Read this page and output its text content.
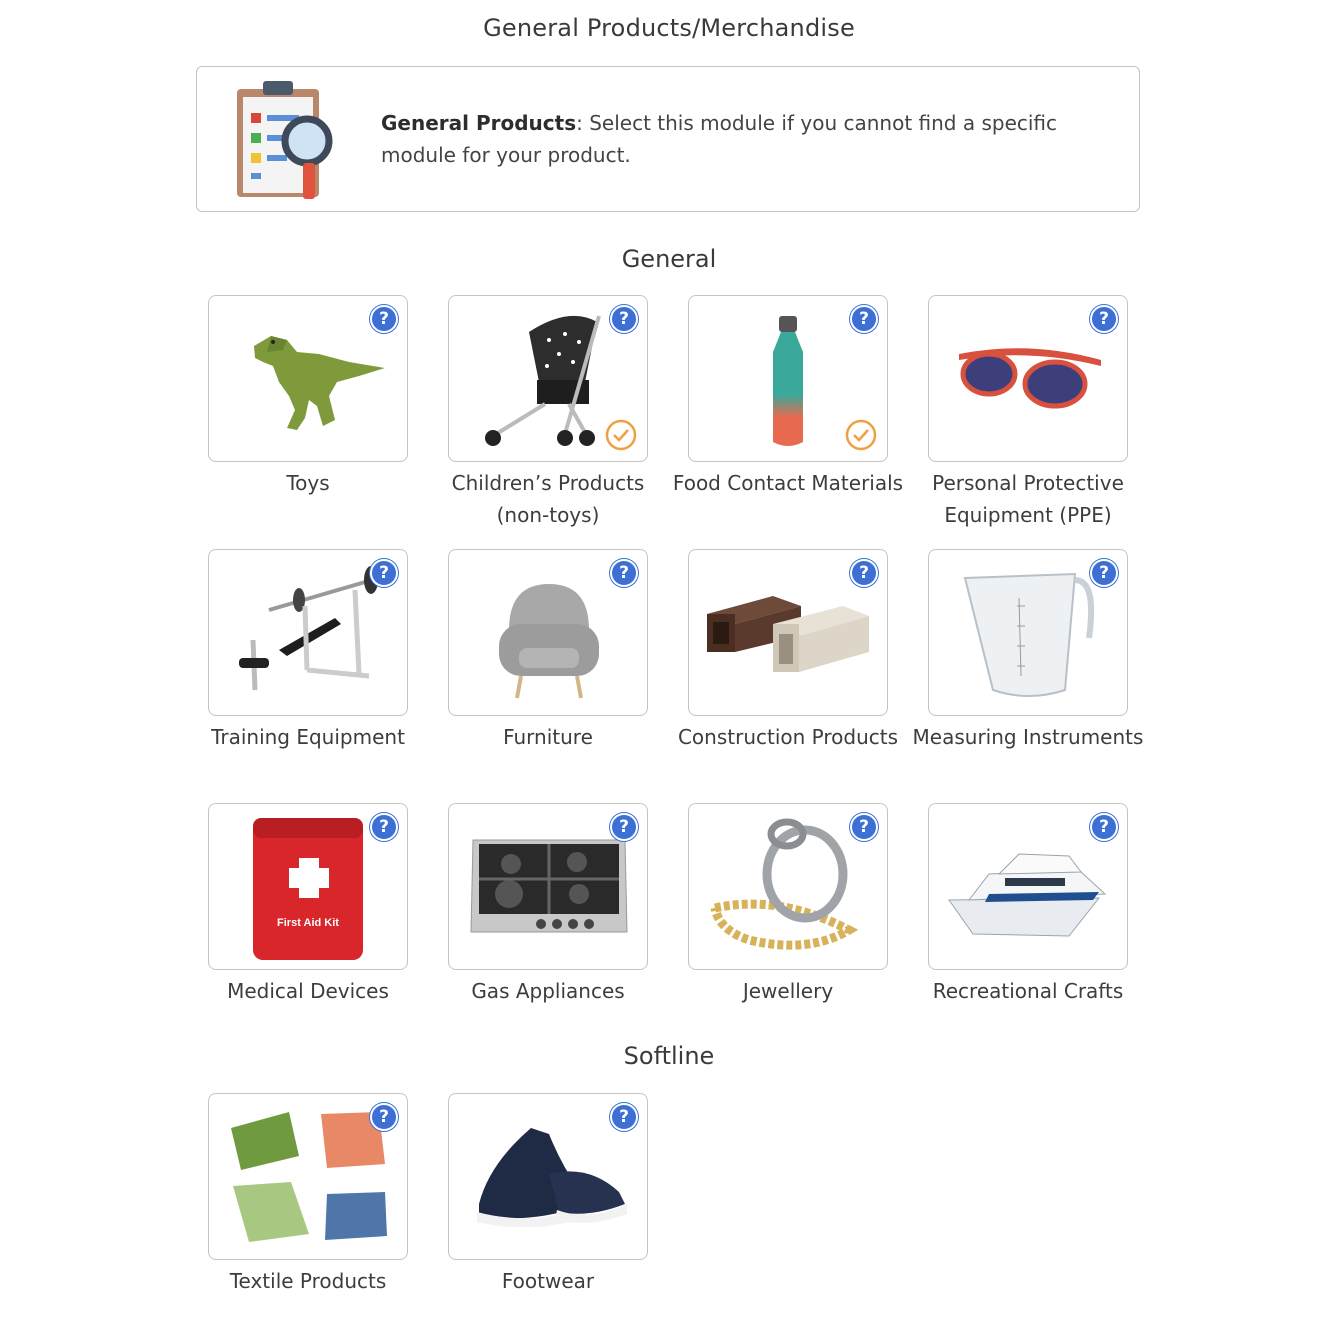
General Products/Merchandise
General Products: Select this module if you cannot find a specific module for your product.
General
?
Toys
?
Children’s Products (non-toys)
?
Food Contact Materials
?
Personal Protective Equipment (PPE)
?
Training Equipment
?
Furniture
?
Construction Products
?
Measuring Instruments
First Aid Kit
?
Medical Devices
?
Gas Appliances
?
Jewellery
?
Recreational Crafts
Softline
?
Textile Products
?
Footwear
